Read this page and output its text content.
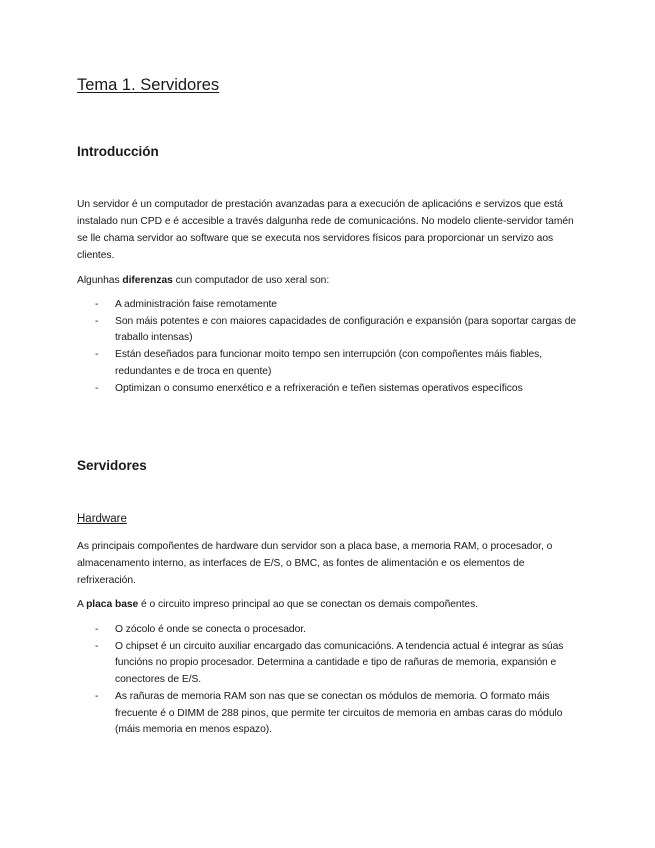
Tema 1. Servidores
Introducción

Un servidor é un computador de prestación avanzadas para a execución de aplicacións e servizos que está instalado nun CPD e é accesible a través dalgunha rede de comunicacións. No modelo cliente-servidor tamén se lle chama servidor ao software que se executa nos servidores físicos para proporcionar un servizo aos clientes.

Algunhas diferenzas cun computador de uso xeral son:

- A administración faise remotamente
- Son máis potentes e con maiores capacidades de configuración e expansión (para soportar cargas de traballo intensas)
- Están deseñados para funcionar moito tempo sen interrupción (con compoñentes máis fiables, redundantes e de troca en quente)
- Optimizan o consumo enerxético e a refrixeración e teñen sistemas operativos específicos
Servidores
Hardware

As principais compoñentes de hardware dun servidor son a placa base, a memoria RAM, o procesador, o almacenamento interno, as interfaces de E/S, o BMC, as fontes de alimentación e os elementos de refrixeración.

A placa base é o circuito impreso principal ao que se conectan os demais compoñentes.

- O zócolo é onde se conecta o procesador.
- O chipset é un circuito auxiliar encargado das comunicacións. A tendencia actual é integrar as súas funcións no propio procesador. Determina a cantidade e tipo de rañuras de memoria, expansión e conectores de E/S.
- As rañuras de memoria RAM son nas que se conectan os módulos de memoria. O formato máis frecuente é o DIMM de 288 pinos, que permite ter circuitos de memoria en ambas caras do módulo (máis memoria en menos espazo).
